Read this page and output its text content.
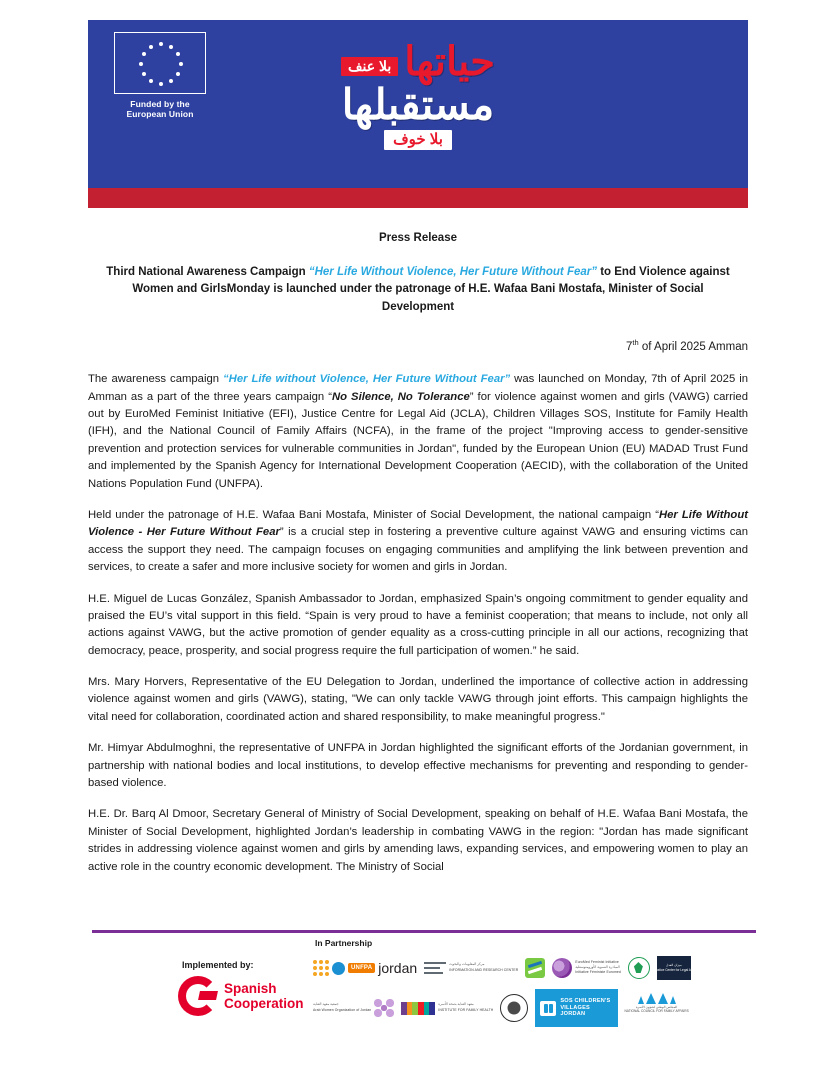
Funded by the
European Union
حياتها
بلا عنف
مستقبلها
بلا خوف
Press Release
Third National Awareness Campaign “Her Life Without Violence, Her Future Without Fear” to End Violence against Women and GirlsMonday is launched under the patronage of H.E. Wafaa Bani Mostafa, Minister of Social Development
7th of April 2025 Amman

The awareness campaign “Her Life without Violence, Her Future Without Fear” was launched on Monday, 7th of April 2025 in Amman as a part of the three years campaign “No Silence, No Tolerance” for violence against women and girls (VAWG) carried out by EuroMed Feminist Initiative (EFI), Justice Centre for Legal Aid (JCLA), Children Villages SOS, Institute for Family Health (IFH), and the National Council of Family Affairs (NCFA), in the frame of the project "Improving access to gender-sensitive prevention and protection services for vulnerable communities in Jordan", funded by the European Union (EU) MADAD Trust Fund and implemented by the Spanish Agency for International Development Cooperation (AECID), with the collaboration of the United Nations Population Fund (UNFPA).

Held under the patronage of H.E. Wafaa Bani Mostafa, Minister of Social Development, the national campaign “Her Life Without Violence - Her Future Without Fear” is a crucial step in fostering a preventive culture against VAWG and ensuring victims can access the support they need. The campaign focuses on engaging communities and amplifying the link between prevention and services, to create a safer and more inclusive society for women and girls in Jordan.

H.E. Miguel de Lucas González, Spanish Ambassador to Jordan, emphasized Spain’s ongoing commitment to gender equality and praised the EU’s vital support in this field. “Spain is very proud to have a feminist cooperation; that means to include, not only all actions against VAWG, but the active promotion of gender equality as a cross-cutting principle in all our actions, recognizing that democracy, peace, prosperity, and social progress require the full participation of women.” he said.

Mrs. Mary Horvers, Representative of the EU Delegation to Jordan, underlined the importance of collective action in addressing violence against women and girls (VAWG), stating, "We can only tackle VAWG through joint efforts. This campaign highlights the vital need for collaboration, coordinated action and shared responsibility, to make meaningful progress."

Mr. Himyar Abdulmoghni, the representative of UNFPA in Jordan highlighted the significant efforts of the Jordanian government, in partnership with national bodies and local institutions, to develop effective mechanisms for preventing and responding to gender-based violence.

H.E. Dr. Barq Al Dmoor, Secretary General of Ministry of Social Development, speaking on behalf of H.E. Wafaa Bani Mostafa, the Minister of Social Development, highlighted Jordan’s leadership in combating VAWG in the region: "Jordan has made significant strides in addressing violence against women and girls by amending laws, expanding services, and empowering women to play an active role in the country economic development. The Ministry of Social

Implemented by:
Spanish
Cooperation
In Partnership
UNFPA jordan	مركز المعلومات والبحوث
INFORMATION AND RESEARCH CENTER
EuroMed Feminist Initiative
المبادرة النسوية الأورومتوسطية
Initiative Féministe Euromed
ميزان العدل
Justice Center for Legal Aid
جمعية معهد العناية
Arab Women Organization of Jordan
معهد العناية بصحة الأسرة
INSTITUTE FOR FAMILY HEALTH
SOS CHILDREN'S
VILLAGES
JORDAN
المجلس الوطني لشؤون الأسرة
NATIONAL COUNCIL FOR FAMILY AFFAIRS
